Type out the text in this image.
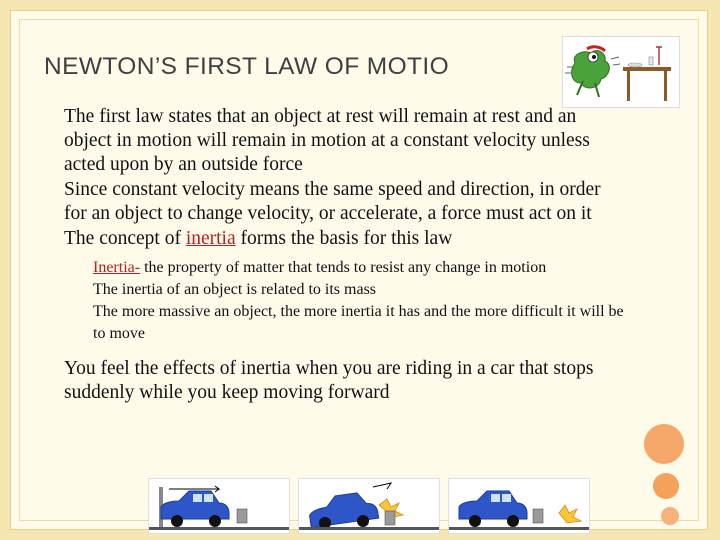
NEWTON’S FIRST LAW OF MOTIO
The first law states that an object at rest will remain at rest and an object in motion will remain in motion at a constant velocity unless acted upon by an outside force
Since constant velocity means the same speed and direction, in order for an object to change velocity, or accelerate, a force must act on it
The concept of inertia forms the basis for this law
Inertia- the property of matter that tends to resist any change in motion
The inertia of an object is related to its mass
The more massive an object, the more inertia it has and the more difficult it will be to move
You feel the effects of inertia when you are riding in a car that stops suddenly while you keep moving forward
